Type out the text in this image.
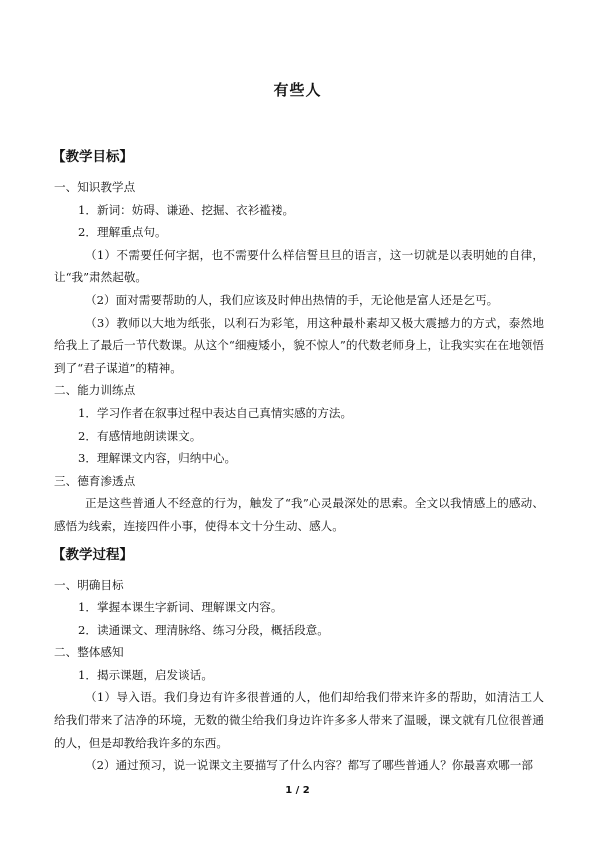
有些人
【教学目标】
一、知识教学点
1．新词：妨碍、谦逊、挖掘、衣衫褴褛。
2．理解重点句。
（1）不需要任何字据，也不需要什么样信誓旦旦的语言，这一切就是以表明她的自律，让“我”肃然起敬。
（2）面对需要帮助的人，我们应该及时伸出热情的手，无论他是富人还是乞丐。
（3）教师以大地为纸张，以利石为彩笔，用这种最朴素却又极大震撼力的方式，泰然地给我上了最后一节代数课。从这个“细瘦矮小，貌不惊人”的代数老师身上，让我实实在在地领悟到了“君子谋道”的精神。
二、能力训练点
1．学习作者在叙事过程中表达自己真情实感的方法。
2．有感情地朗读课文。
3．理解课文内容，归纳中心。
三、德育渗透点
正是这些普通人不经意的行为，触发了“我”心灵最深处的思索。全文以我情感上的感动、感悟为线索，连接四件小事，使得本文十分生动、感人。
【教学过程】
一、明确目标
1．掌握本课生字新词、理解课文内容。
2．读通课文、理清脉络、练习分段，概括段意。
二、整体感知
1．揭示课题，启发谈话。
（1）导入语。我们身边有许多很普通的人，他们却给我们带来许多的帮助，如清洁工人给我们带来了洁净的环境，无数的微尘给我们身边许许多多人带来了温暖，课文就有几位很普通的人，但是却教给我许多的东西。
（2）通过预习，说一说课文主要描写了什么内容？都写了哪些普通人？你最喜欢哪一部
1 / 2
